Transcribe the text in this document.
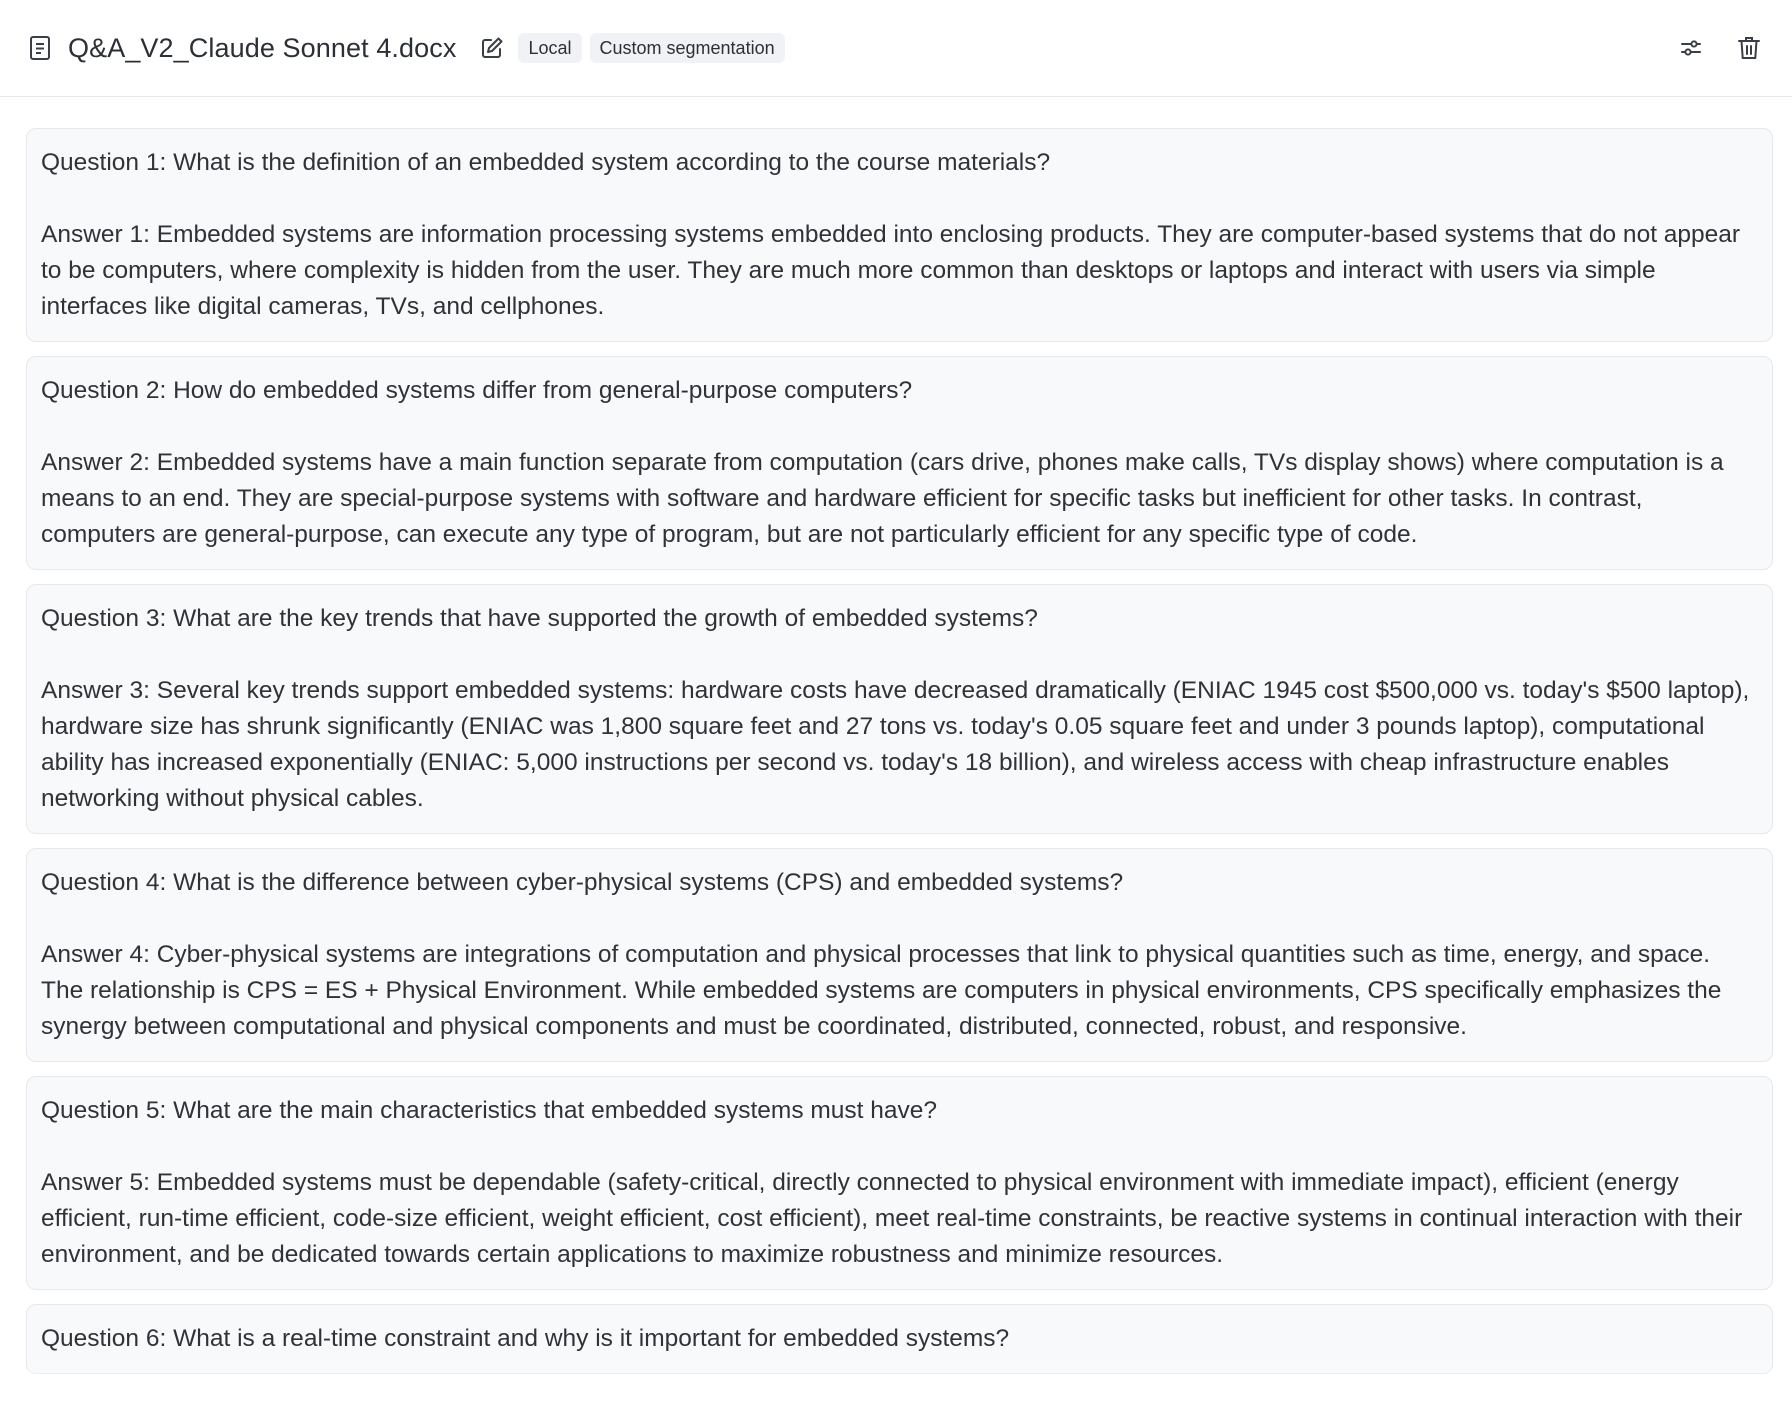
Q&A_V2_Claude Sonnet 4.docx	Local	Custom segmentation

Question 1: What is the definition of an embedded system according to the course materials?

Answer 1: Embedded systems are information processing systems embedded into enclosing products. They are computer-based systems that do not appear to be computers, where complexity is hidden from the user. They are much more common than desktops or laptops and interact with users via simple interfaces like digital cameras, TVs, and cellphones.

Question 2: How do embedded systems differ from general-purpose computers?

Answer 2: Embedded systems have a main function separate from computation (cars drive, phones make calls, TVs display shows) where computation is a means to an end. They are special-purpose systems with software and hardware efficient for specific tasks but inefficient for other tasks. In contrast, computers are general-purpose, can execute any type of program, but are not particularly efficient for any specific type of code.

Question 3: What are the key trends that have supported the growth of embedded systems?

Answer 3: Several key trends support embedded systems: hardware costs have decreased dramatically (ENIAC 1945 cost $500,000 vs. today's $500 laptop), hardware size has shrunk significantly (ENIAC was 1,800 square feet and 27 tons vs. today's 0.05 square feet and under 3 pounds laptop), computational ability has increased exponentially (ENIAC: 5,000 instructions per second vs. today's 18 billion), and wireless access with cheap infrastructure enables networking without physical cables.

Question 4: What is the difference between cyber-physical systems (CPS) and embedded systems?

Answer 4: Cyber-physical systems are integrations of computation and physical processes that link to physical quantities such as time, energy, and space. The relationship is CPS = ES + Physical Environment. While embedded systems are computers in physical environments, CPS specifically emphasizes the synergy between computational and physical components and must be coordinated, distributed, connected, robust, and responsive.

Question 5: What are the main characteristics that embedded systems must have?

Answer 5: Embedded systems must be dependable (safety-critical, directly connected to physical environment with immediate impact), efficient (energy efficient, run-time efficient, code-size efficient, weight efficient, cost efficient), meet real-time constraints, be reactive systems in continual interaction with their environment, and be dedicated towards certain applications to maximize robustness and minimize resources.

Question 6: What is a real-time constraint and why is it important for embedded systems?
